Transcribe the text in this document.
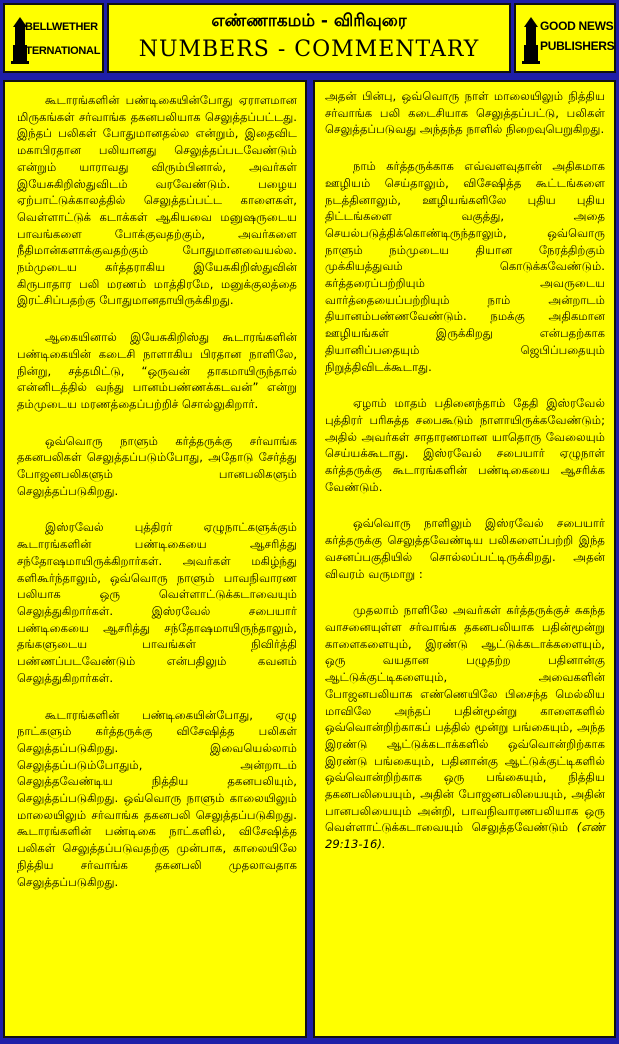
BELLWETHER
INTERNATIONAL
எண்ணாகமம் - விரிவுரை
NUMBERS - COMMENTARY
GOOD NEWS
PUBLISHERS

கூடாரங்களின் பண்டிகையின்போது ஏராளமான மிருகங்கள் சர்வாங்க தகனபலியாக செலுத்தப்பட்டது. இந்தப் பலிகள் போதுமானதல்ல என்றும், இதைவிட மகாபிரதான பலியானது செலுத்தப்படவேண்டும் என்றும் யாராவது விரும்பினால், அவர்கள் இயேசுகிறிஸ்துவிடம் வரவேண்டும். பழைய ஏற்பாட்டுக்காலத்தில் செலுத்தப்பட்ட காளைகள், வெள்ளாட்டுக் கடாக்கள் ஆகியவை மனுஷருடைய பாவங்களை போக்குவதற்கும், அவர்களை நீதிமான்களாக்குவதற்கும் போதுமானவையல்ல. நம்முடைய கர்த்தராகிய இயேசுகிறிஸ்துவின் கிருபாதார பலி மரணம் மாத்திரமே, மனுக்குலத்தை இரட்சிப்பதற்கு போதுமானதாயிருக்கிறது.

ஆகையினால் இயேசுகிறிஸ்து கூடாரங்களின் பண்டிகையின் கடைசி நாளாகிய பிரதான நாளிலே, நின்று, சத்தமிட்டு, “ஒருவன் தாகமாயிருந்தால் என்னிடத்தில் வந்து பானம்பண்ணக்கடவன்” என்று தம்முடைய மரணத்தைப்பற்றிச் சொல்லுகிறார்.

ஒவ்வொரு நாளும் கர்த்தருக்கு சர்வாங்க தகனபலிகள் செலுத்தப்படும்போது, அதோடு சேர்த்து போஜனபலிகளும் பானபலிகளும் செலுத்தப்படுகிறது.

இஸ்ரவேல் புத்திரர் ஏழுநாட்களுக்கும் கூடாரங்களின் பண்டிகையை ஆசரித்து சந்தோஷமாயிருக்கிறார்கள். அவர்கள் மகிழ்ந்து களிகூர்ந்தாலும், ஒவ்வொரு நாளும் பாவநிவாரண பலியாக ஒரு வெள்ளாட்டுக்கடாவையும் செலுத்துகிறார்கள். இஸ்ரவேல் சபையார் பண்டிகையை ஆசரித்து சந்தோஷமாயிருந்தாலும், தங்களுடைய பாவங்கள் நிவிர்த்தி பண்ணப்படவேண்டும் என்பதிலும் கவனம் செலுத்துகிறார்கள்.

கூடாரங்களின் பண்டிகையின்போது, ஏழு நாட்களும் கர்த்தருக்கு விசேஷித்த பலிகள் செலுத்தப்படுகிறது. இவையெல்லாம் செலுத்தப்படும்போதும், அன்றாடம் செலுத்தவேண்டிய நித்திய தகனபலியும், செலுத்தப்படுகிறது. ஒவ்வொரு நாளும் காலையிலும் மாலையிலும் சர்வாங்க தகனபலி செலுத்தப்படுகிறது. கூடாரங்களின் பண்டிகை நாட்களில், விசேஷித்த பலிகள் செலுத்தப்படுவதற்கு முன்பாக, காலையிலே நித்திய சர்வாங்க தகனபலி முதலாவதாக செலுத்தப்படுகிறது.

அதன் பின்பு, ஒவ்வொரு நாள் மாலையிலும் நித்திய சர்வாங்க பலி கடைசியாக செலுத்தப்பட்டு, பலிகள் செலுத்தப்படுவது அந்தந்த நாளில் நிறைவுபெறுகிறது.

நாம் கர்த்தருக்காக எவ்வளவுதான் அதிகமாக ஊழியம் செய்தாலும், விசேஷித்த கூட்டங்களை நடத்தினாலும், ஊழியங்களிலே புதிய புதிய திட்டங்களை வகுத்து, அதை செயல்படுத்திக்கொண்டிருந்தாலும், ஒவ்வொரு நாளும் நம்முடைய தியான நேரத்திற்கும் முக்கியத்துவம் கொடுக்கவேண்டும். கர்த்தரைப்பற்றியும் அவருடைய வார்த்தையைப்பற்றியும் நாம் அன்றாடம் தியானம்பண்ணவேண்டும். நமக்கு அதிகமான ஊழியங்கள் இருக்கிறது என்பதற்காக தியானிப்பதையும் ஜெபிப்பதையும் நிறுத்திவிடக்கூடாது.

ஏழாம் மாதம் பதினைந்தாம் தேதி இஸ்ரவேல் புத்திரர் பரிசுத்த சபைகூடும் நாளாயிருக்கவேண்டும்; அதில் அவர்கள் சாதாரணமான யாதொரு வேலையும் செய்யக்கூடாது. இஸ்ரவேல் சபையார் ஏழுநாள் கர்த்தருக்கு கூடாரங்களின் பண்டிகையை ஆசரிக்க வேண்டும்.

ஒவ்வொரு நாளிலும் இஸ்ரவேல் சபையார் கர்த்தருக்கு செலுத்தவேண்டிய பலிகளைப்பற்றி இந்த வசனப்பகுதியில் சொல்லப்பட்டிருக்கிறது. அதன் விவரம் வருமாறு :

முதலாம் நாளிலே அவர்கள் கர்த்தருக்குச் சுகந்த வாசனையுள்ள சர்வாங்க தகனபலியாக பதின்மூன்று காளைகளையும், இரண்டு ஆட்டுக்கடாக்களையும், ஒரு வயதான பழுதற்ற பதினான்கு ஆட்டுக்குட்டிகளையும், அவைகளின் போஜனபலியாக எண்ணெயிலே பிசைந்த மெல்லிய மாவிலே அந்தப் பதின்மூன்று காளைகளில் ஒவ்வொன்றிற்காகப் பத்தில் மூன்று பங்கையும், அந்த இரண்டு ஆட்டுக்கடாக்களில் ஒவ்வொன்றிற்காக இரண்டு பங்கையும், பதினான்கு ஆட்டுக்குட்டிகளில் ஒவ்வொன்றிற்காக ஒரு பங்கையும், நித்திய தகனபலியையும், அதின் போஜனபலியையும், அதின் பானபலியையும் அன்றி, பாவநிவாரணபலியாக ஒரு வெள்ளாட்டுக்கடாவையும் செலுத்தவேண்டும் (எண் 29:13-16).
